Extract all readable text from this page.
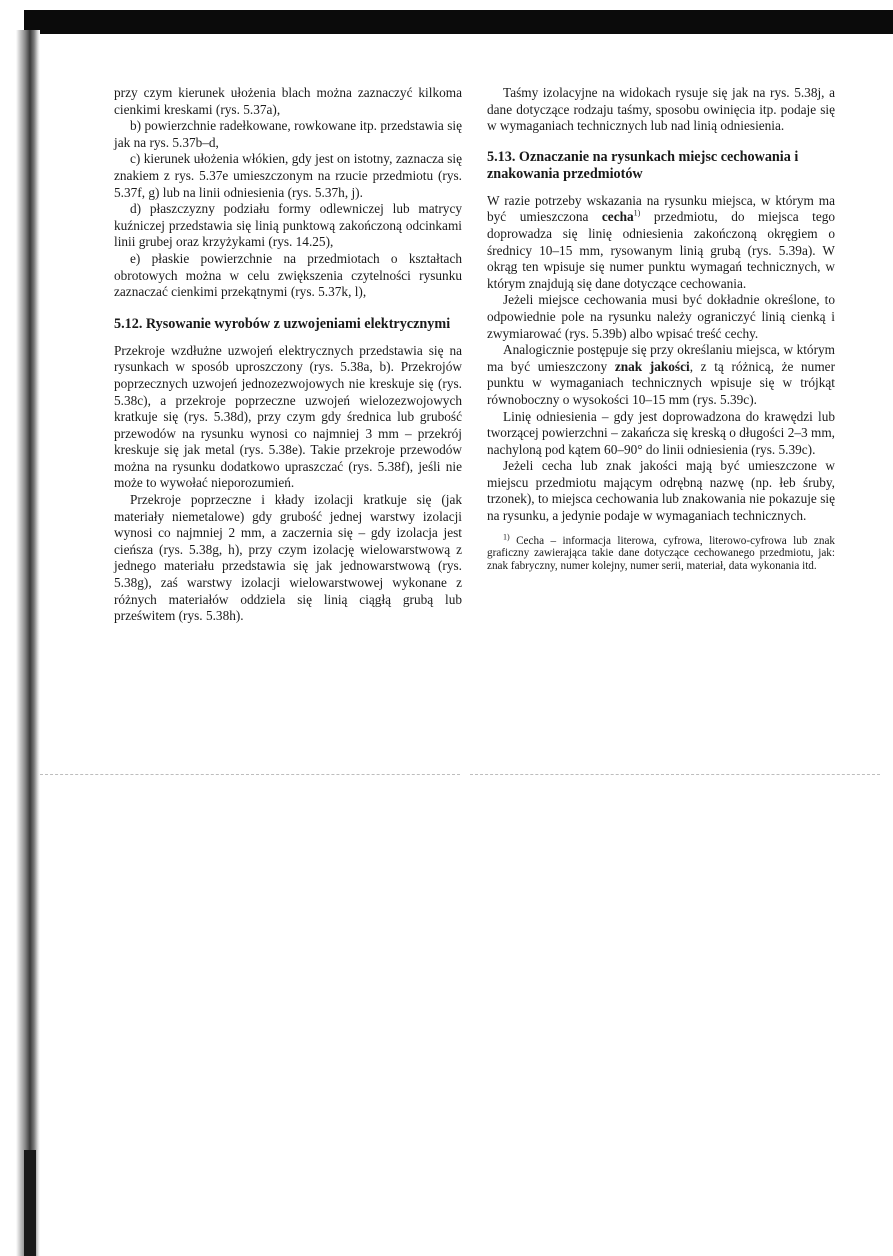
przy czym kierunek ułożenia blach można zaznaczyć kilkoma cienkimi kreskami (rys. 5.37a),

b) powierzchnie radełkowane, rowkowane itp. przedstawia się jak na rys. 5.37b–d,

c) kierunek ułożenia włókien, gdy jest on istotny, zaznacza się znakiem z rys. 5.37e umieszczonym na rzucie przedmiotu (rys. 5.37f, g) lub na linii odniesienia (rys. 5.37h, j).

d) płaszczyzny podziału formy odlewniczej lub matrycy kuźniczej przedstawia się linią punktową zakończoną odcinkami linii grubej oraz krzyżykami (rys. 14.25),

e) płaskie powierzchnie na przedmiotach o kształtach obrotowych można w celu zwiększenia czytelności rysunku zaznaczać cienkimi przekątnymi (rys. 5.37k, l),

5.12. Rysowanie wyrobów z uzwojeniami elektrycznymi

Przekroje wzdłużne uzwojeń elektrycznych przedstawia się na rysunkach w sposób uproszczony (rys. 5.38a, b). Przekrojów poprzecznych uzwojeń jednozezwojowych nie kreskuje się (rys. 5.38c), a przekroje poprzeczne uzwojeń wielozezwojowych kratkuje się (rys. 5.38d), przy czym gdy średnica lub grubość przewodów na rysunku wynosi co najmniej 3 mm – przekrój kreskuje się jak metal (rys. 5.38e). Takie przekroje przewodów można na rysunku dodatkowo upraszczać (rys. 5.38f), jeśli nie może to wywołać nieporozumień.

Przekroje poprzeczne i kłady izolacji kratkuje się (jak materiały niemetalowe) gdy grubość jednej warstwy izolacji wynosi co najmniej 2 mm, a zaczernia się – gdy izolacja jest cieńsza (rys. 5.38g, h), przy czym izolację wielowarstwową z jednego materiału przedstawia się jak jednowarstwową (rys. 5.38g), zaś warstwy izolacji wielowarstwowej wykonane z różnych materiałów oddziela się linią ciągłą grubą lub prześwitem (rys. 5.38h).

Taśmy izolacyjne na widokach rysuje się jak na rys. 5.38j, a dane dotyczące rodzaju taśmy, sposobu owinięcia itp. podaje się w wymaganiach technicznych lub nad linią odniesienia.

5.13. Oznaczanie na rysunkach miejsc cechowania i znakowania przedmiotów

W razie potrzeby wskazania na rysunku miejsca, w którym ma być umieszczona cecha$^{1)}$ przedmiotu, do miejsca tego doprowadza się linię odniesienia zakończoną okręgiem o średnicy 10–15 mm, rysowanym linią grubą (rys. 5.39a). W okrąg ten wpisuje się numer punktu wymagań technicznych, w którym znajdują się dane dotyczące cechowania.

Jeżeli miejsce cechowania musi być dokładnie określone, to odpowiednie pole na rysunku należy ograniczyć linią cienką i zwymiarować (rys. 5.39b) albo wpisać treść cechy.

Analogicznie postępuje się przy określaniu miejsca, w którym ma być umieszczony znak jakości, z tą różnicą, że numer punktu w wymaganiach technicznych wpisuje się w trójkąt równoboczny o wysokości 10–15 mm (rys. 5.39c).

Linię odniesienia – gdy jest doprowadzona do krawędzi lub tworzącej powierzchni – zakańcza się kreską o długości 2–3 mm, nachyloną pod kątem 60–90° do linii odniesienia (rys. 5.39c).

Jeżeli cecha lub znak jakości mają być umieszczone w miejscu przedmiotu mającym odrębną nazwę (np. łeb śruby, trzonek), to miejsca cechowania lub znakowania nie pokazuje się na rysunku, a jedynie podaje w wymaganiach technicznych.

$^{1)}$ Cecha – informacja literowa, cyfrowa, literowo-cyfrowa lub znak graficzny zawierająca takie dane dotyczące cechowanego przedmiotu, jak: znak fabryczny, numer kolejny, numer serii, materiał, data wykonania itd.
